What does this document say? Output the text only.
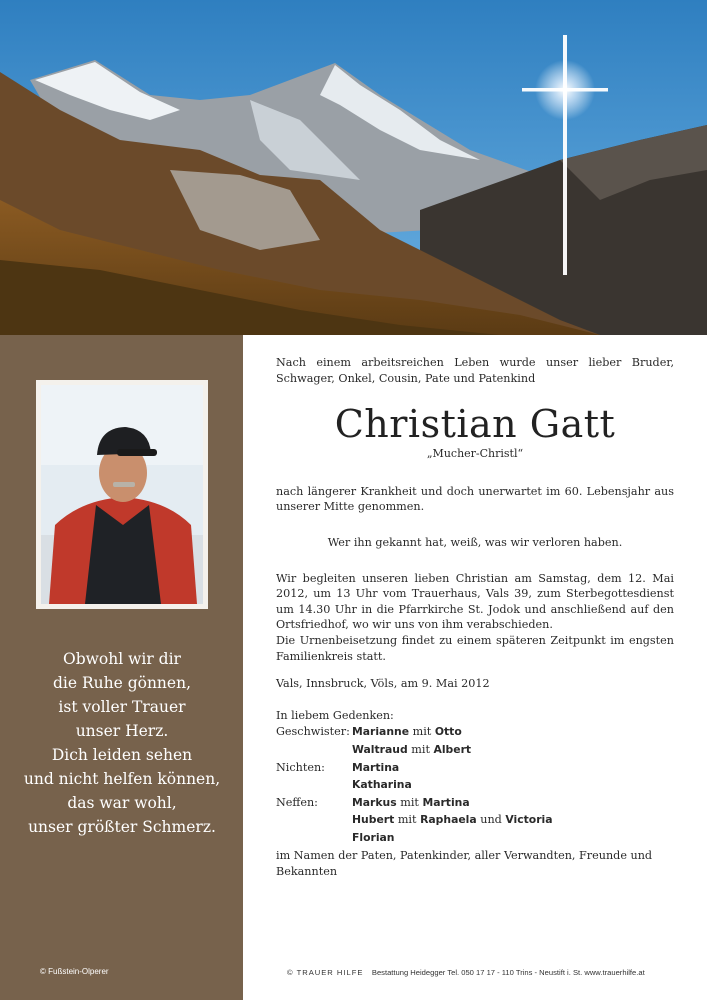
Obwohl wir dir
die Ruhe gönnen,
ist voller Trauer
unser Herz.
Dich leiden sehen
und nicht helfen können,
das war wohl,
unser größter Schmerz.
© Fußstein-Olperer

Nach einem arbeitsreichen Leben wurde unser lieber Bruder, Schwager, Onkel, Cousin, Pate und Patenkind

Christian Gatt
„Mucher-Christl“

nach längerer Krankheit und doch unerwartet im 60. Lebensjahr aus unserer Mitte genommen.

Wer ihn gekannt hat, weiß, was wir verloren haben.

Wir begleiten unseren lieben Christian am Samstag, dem 12. Mai 2012, um 13 Uhr vom Trauerhaus, Vals 39, zum Sterbegottesdienst um 14.30 Uhr in die Pfarrkirche St. Jodok und anschließend auf den Ortsfriedhof, wo wir uns von ihm verabschieden.

Die Urnenbeisetzung findet zu einem späteren Zeitpunkt im engsten Familienkreis statt.

Vals, Innsbruck, Völs, am 9. Mai 2012

In liebem Gedenken:

Geschwister: Marianne mit Otto
Waltraud mit Albert
Nichten:	Martina
Katharina
Neffen:	Markus mit Martina
Hubert mit Raphaela und Victoria
Florian

im Namen der Paten, Patenkinder, aller Verwandten, Freunde und Bekannten

© TRAUER HILFE Bestattung Heidegger Tel. 050 17 17 - 110 Trins - Neustift i. St. www.trauerhilfe.at
